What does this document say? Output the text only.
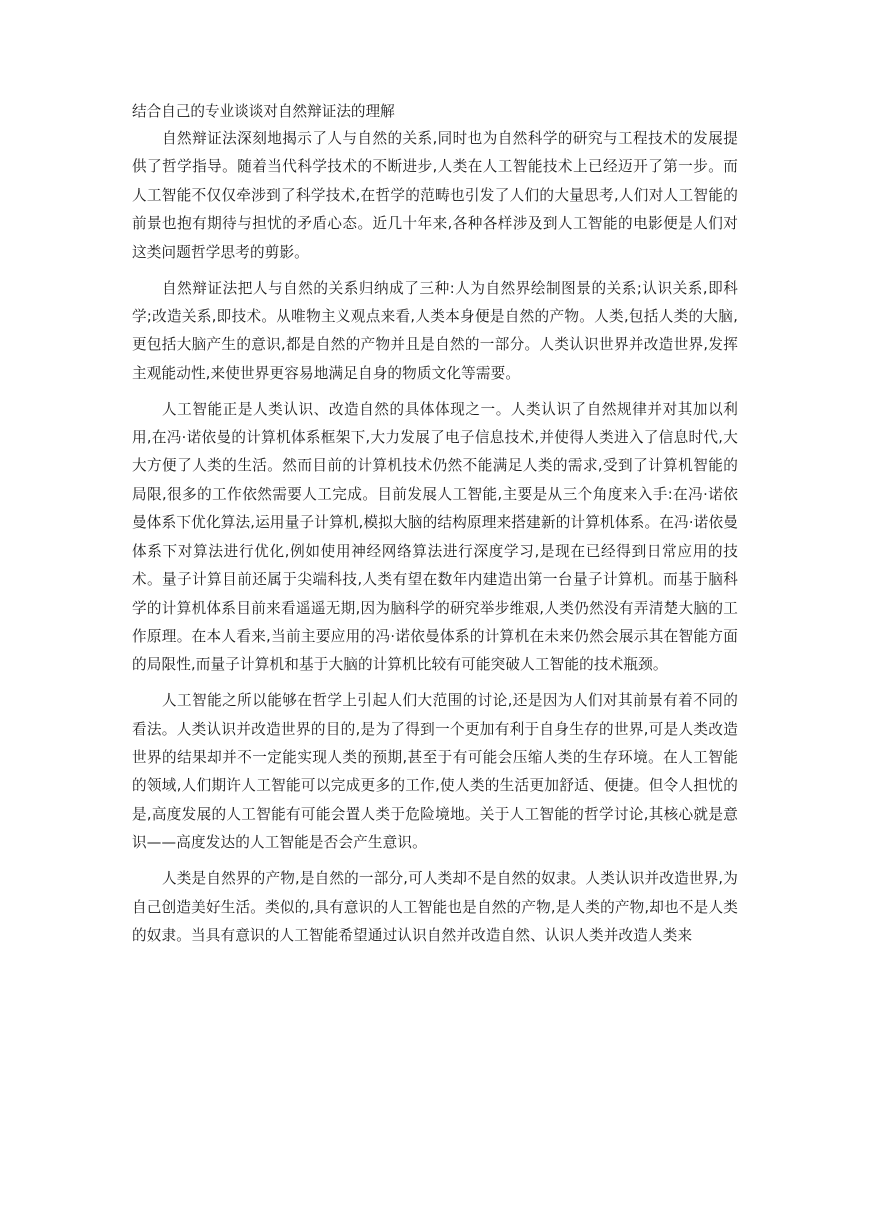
结合自己的专业谈谈对自然辩证法的理解

自然辩证法深刻地揭示了人与自然的关系,同时也为自然科学的研究与工程技术的发展提供了哲学指导。随着当代科学技术的不断进步,人类在人工智能技术上已经迈开了第一步。而人工智能不仅仅牵涉到了科学技术,在哲学的范畴也引发了人们的大量思考,人们对人工智能的前景也抱有期待与担忧的矛盾心态。近几十年来,各种各样涉及到人工智能的电影便是人们对这类问题哲学思考的剪影。

自然辩证法把人与自然的关系归纳成了三种:人为自然界绘制图景的关系;认识关系,即科学;改造关系,即技术。从唯物主义观点来看,人类本身便是自然的产物。人类,包括人类的大脑,更包括大脑产生的意识,都是自然的产物并且是自然的一部分。人类认识世界并改造世界,发挥主观能动性,来使世界更容易地满足自身的物质文化等需要。

人工智能正是人类认识、改造自然的具体体现之一。人类认识了自然规律并对其加以利用,在冯·诺依曼的计算机体系框架下,大力发展了电子信息技术,并使得人类进入了信息时代,大大方便了人类的生活。然而目前的计算机技术仍然不能满足人类的需求,受到了计算机智能的局限,很多的工作依然需要人工完成。目前发展人工智能,主要是从三个角度来入手:在冯·诺依曼体系下优化算法,运用量子计算机,模拟大脑的结构原理来搭建新的计算机体系。在冯·诺依曼体系下对算法进行优化,例如使用神经网络算法进行深度学习,是现在已经得到日常应用的技术。量子计算目前还属于尖端科技,人类有望在数年内建造出第一台量子计算机。而基于脑科学的计算机体系目前来看遥遥无期,因为脑科学的研究举步维艰,人类仍然没有弄清楚大脑的工作原理。在本人看来,当前主要应用的冯·诺依曼体系的计算机在未来仍然会展示其在智能方面的局限性,而量子计算机和基于大脑的计算机比较有可能突破人工智能的技术瓶颈。

人工智能之所以能够在哲学上引起人们大范围的讨论,还是因为人们对其前景有着不同的看法。人类认识并改造世界的目的,是为了得到一个更加有利于自身生存的世界,可是人类改造世界的结果却并不一定能实现人类的预期,甚至于有可能会压缩人类的生存环境。在人工智能的领域,人们期许人工智能可以完成更多的工作,使人类的生活更加舒适、便捷。但令人担忧的是,高度发展的人工智能有可能会置人类于危险境地。关于人工智能的哲学讨论,其核心就是意识——高度发达的人工智能是否会产生意识。

人类是自然界的产物,是自然的一部分,可人类却不是自然的奴隶。人类认识并改造世界,为自己创造美好生活。类似的,具有意识的人工智能也是自然的产物,是人类的产物,却也不是人类的奴隶。当具有意识的人工智能希望通过认识自然并改造自然、认识人类并改造人类来
